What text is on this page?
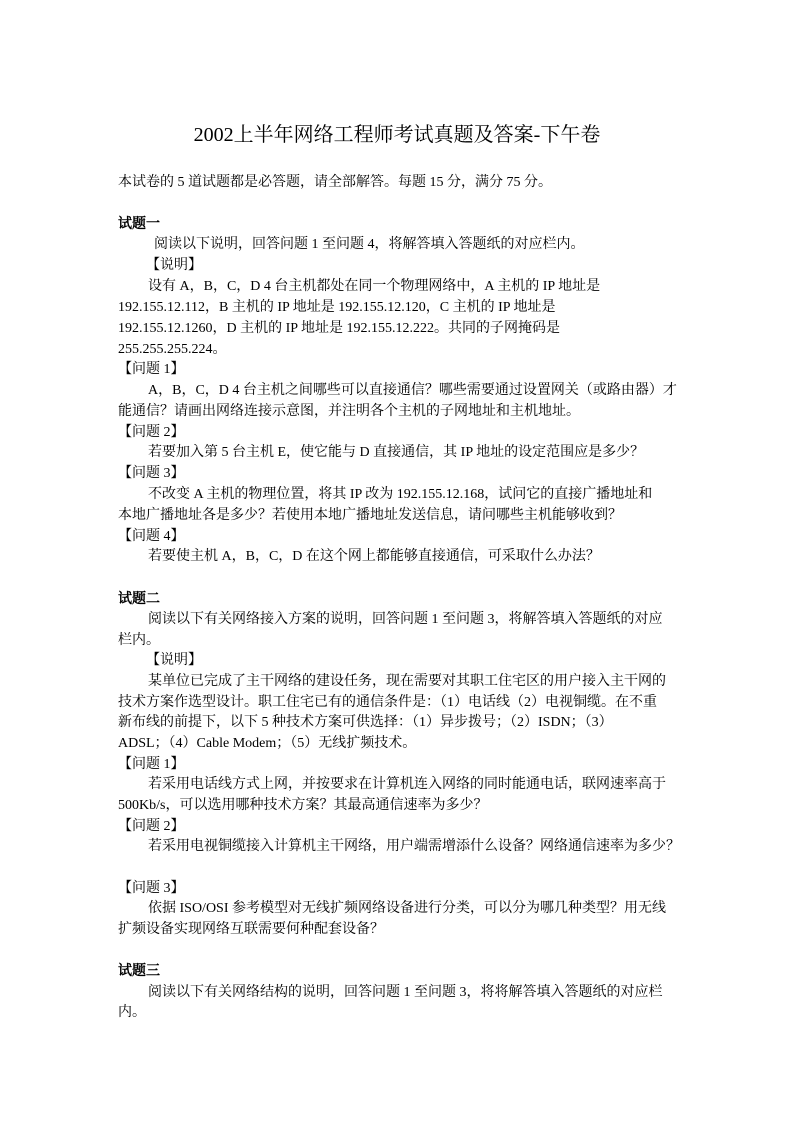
2002上半年网络工程师考试真题及答案-下午卷
本试卷的 5 道试题都是必答题，请全部解答。每题 15 分，满分 75 分。
试题一
阅读以下说明，回答问题 1 至问题 4，将解答填入答题纸的对应栏内。
【说明】
设有 A，B，C，D 4 台主机都处在同一个物理网络中，A 主机的 IP 地址是
192.155.12.112，B 主机的 IP 地址是 192.155.12.120，C 主机的 IP 地址是
192.155.12.1260，D 主机的 IP 地址是 192.155.12.222。共同的子网掩码是
255.255.255.224。
【问题 1】
A，B，C，D 4 台主机之间哪些可以直接通信？哪些需要通过设置网关（或路由器）才
能通信？请画出网络连接示意图，并注明各个主机的子网地址和主机地址。
【问题 2】
若要加入第 5 台主机 E，使它能与 D 直接通信，其 IP 地址的设定范围应是多少？
【问题 3】
不改变 A 主机的物理位置，将其 IP 改为 192.155.12.168，试问它的直接广播地址和
本地广播地址各是多少？若使用本地广播地址发送信息，请问哪些主机能够收到？
【问题 4】
若要使主机 A，B，C，D 在这个网上都能够直接通信，可采取什么办法？
试题二
阅读以下有关网络接入方案的说明，回答问题 1 至问题 3，将解答填入答题纸的对应
栏内。
【说明】
某单位已完成了主干网络的建设任务，现在需要对其职工住宅区的用户接入主干网的
技术方案作选型设计。职工住宅已有的通信条件是：（1）电话线（2）电视铜缆。在不重
新布线的前提下，以下 5 种技术方案可供选择：（1）异步拨号；（2）ISDN；（3）
ADSL；（4）Cable Modem；（5）无线扩频技术。
【问题 1】
若采用电话线方式上网，并按要求在计算机连入网络的同时能通电话，联网速率高于
500Kb/s，可以选用哪种技术方案？其最高通信速率为多少？
【问题 2】
若采用电视铜缆接入计算机主干网络，用户端需增添什么设备？网络通信速率为多少？
【问题 3】
依据 ISO/OSI 参考模型对无线扩频网络设备进行分类，可以分为哪几种类型？用无线
扩频设备实现网络互联需要何种配套设备？
试题三
阅读以下有关网络结构的说明，回答问题 1 至问题 3，将将解答填入答题纸的对应栏
内。
